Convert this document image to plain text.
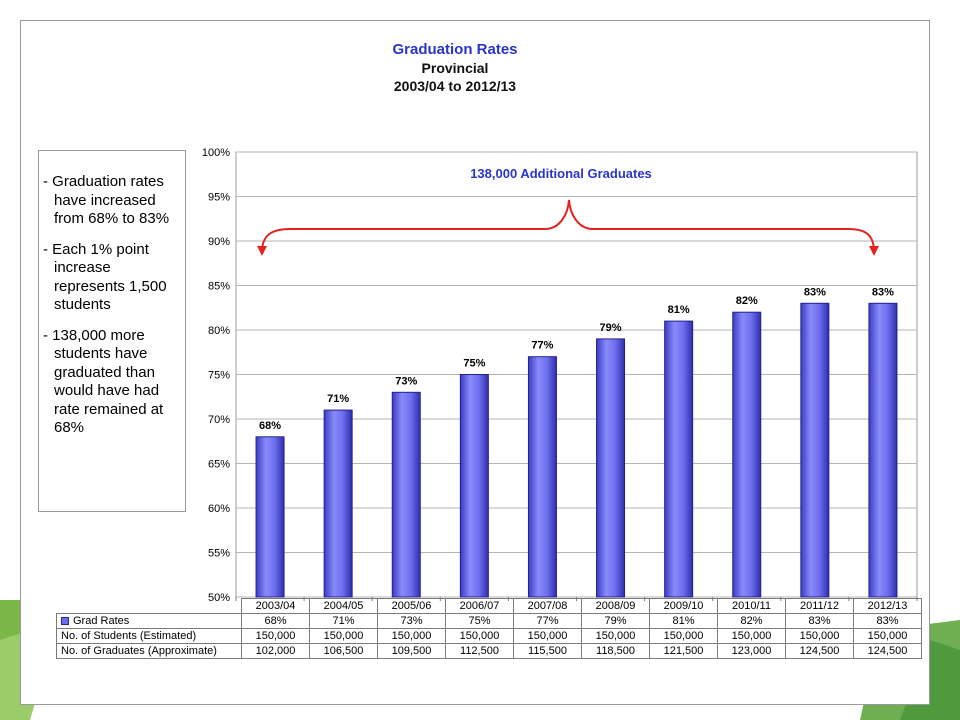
Graduation Rates
Provincial
2003/04 to 2012/13

- Graduation rates have increased from 68% to 83%

- Each 1% point increase represents 1,500 students

- 138,000 more students have graduated than would have had rate remained at 68%

50%
55%
60%
65%
70%
75%
80%
85%
90%
95%
100%
68%
71%
73%
75%
77%
79%
81%
82%
83%	83%
138,000 Additional Graduates
	2003/04	2004/05	2005/06	2006/07	2007/08	2008/09	2009/10	2010/11	2011/12	2012/13
Grad Rates	68%	71%	73%	75%	77%	79%	81%	82%	83%	83%
No. of Students (Estimated)	150,000	150,000	150,000	150,000	150,000	150,000	150,000	150,000	150,000	150,000
No. of Graduates (Approximate)	102,000	106,500	109,500	112,500	115,500	118,500	121,500	123,000	124,500	124,500
